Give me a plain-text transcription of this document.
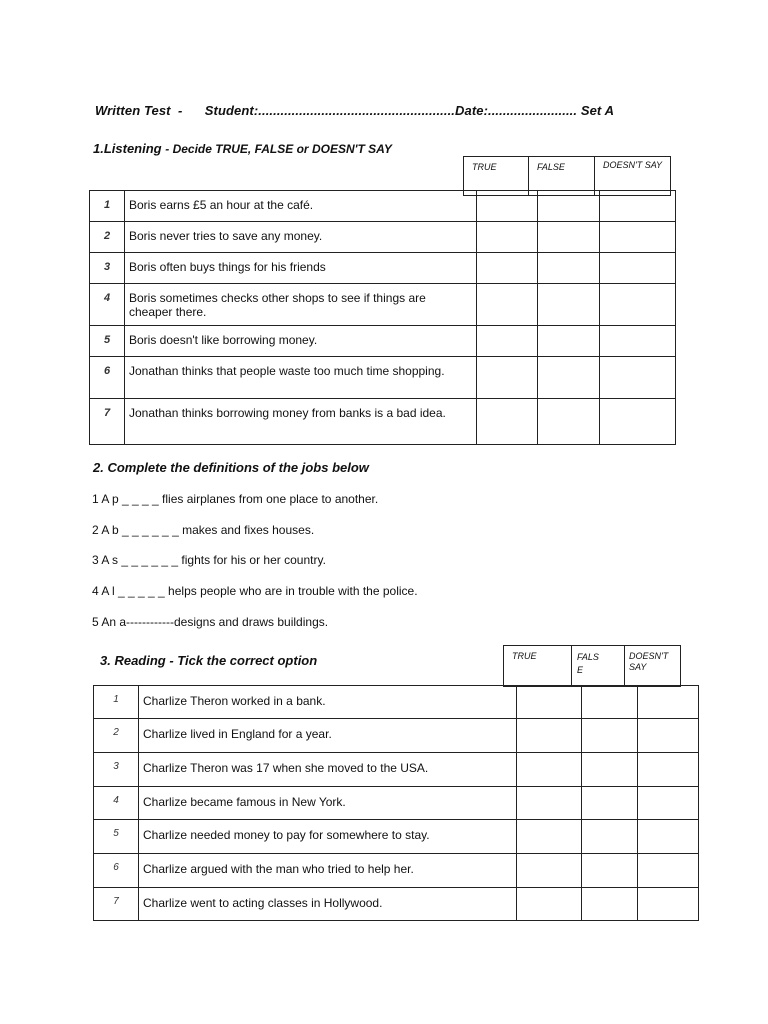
Written Test - Student:.....................................................Date:........................ Set A
1.Listening - Decide TRUE, FALSE or DOESN'T SAY
TRUE	FALSE	DOESN'T SAY
1	Boris earns £5 an hour at the café.			
2	Boris never tries to save any money.			
3	Boris often buys things for his friends			
4	Boris sometimes checks other shops to see if things are cheaper there.			
5	Boris doesn't like borrowing money.			
6	Jonathan thinks that people waste too much time shopping.			
7	Jonathan thinks borrowing money from banks is a bad idea.			
2. Complete the definitions of the jobs below
1 A p _ _ _ _ flies airplanes from one place to another.
2 A b _ _ _ _ _ _ makes and fixes houses.
3 A s _ _ _ _ _ _ fights for his or her country.
4 A l _ _ _ _ _ helps people who are in trouble with the police.
5 An a------------designs and draws buildings.
3. Reading - Tick the correct option	TRUE	FALS E	DOESN'T SAY
1	Charlize Theron worked in a bank.			
2	Charlize lived in England for a year.			
3	Charlize Theron was 17 when she moved to the USA.			
4	Charlize became famous in New York.			
5	Charlize needed money to pay for somewhere to stay.			
6	Charlize argued with the man who tried to help her.			
7	Charlize went to acting classes in Hollywood.			
